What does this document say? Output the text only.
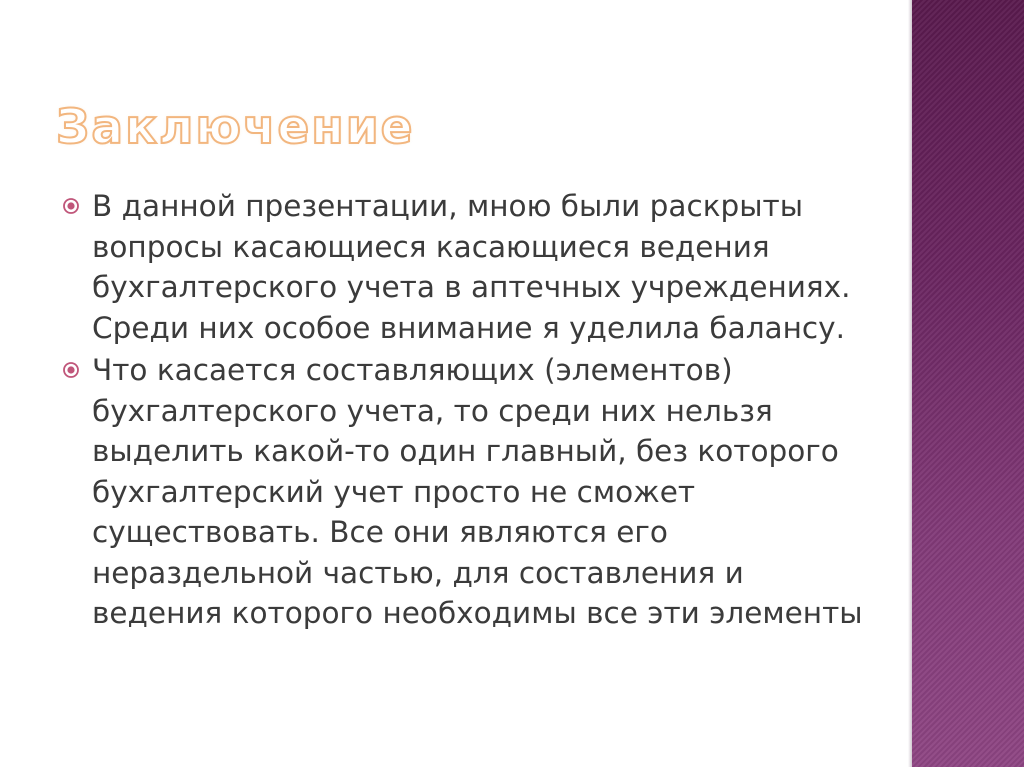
Заключение
В данной презентации, мною были раскрыты вопросы касающиеся касающиеся ведения бухгалтерского учета в аптечных учреждениях. Среди них особое внимание я уделила балансу.
Что касается составляющих (элементов) бухгалтерского учета, то среди них нельзя выделить какой-то один главный, без которого бухгалтерский учет просто не сможет существовать. Все они являются его нераздельной частью, для составления и ведения которого необходимы все эти элементы
